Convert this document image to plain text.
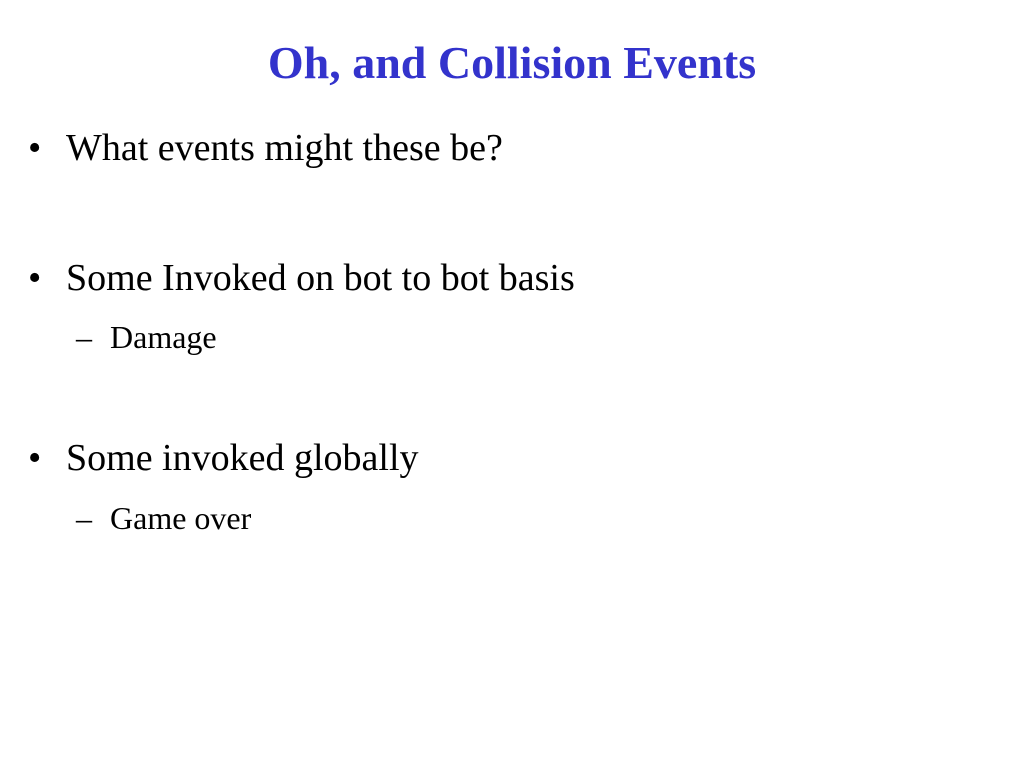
Oh, and Collision Events
• What events might these be?
• Some Invoked on bot to bot basis
– Damage
• Some invoked globally
– Game over
